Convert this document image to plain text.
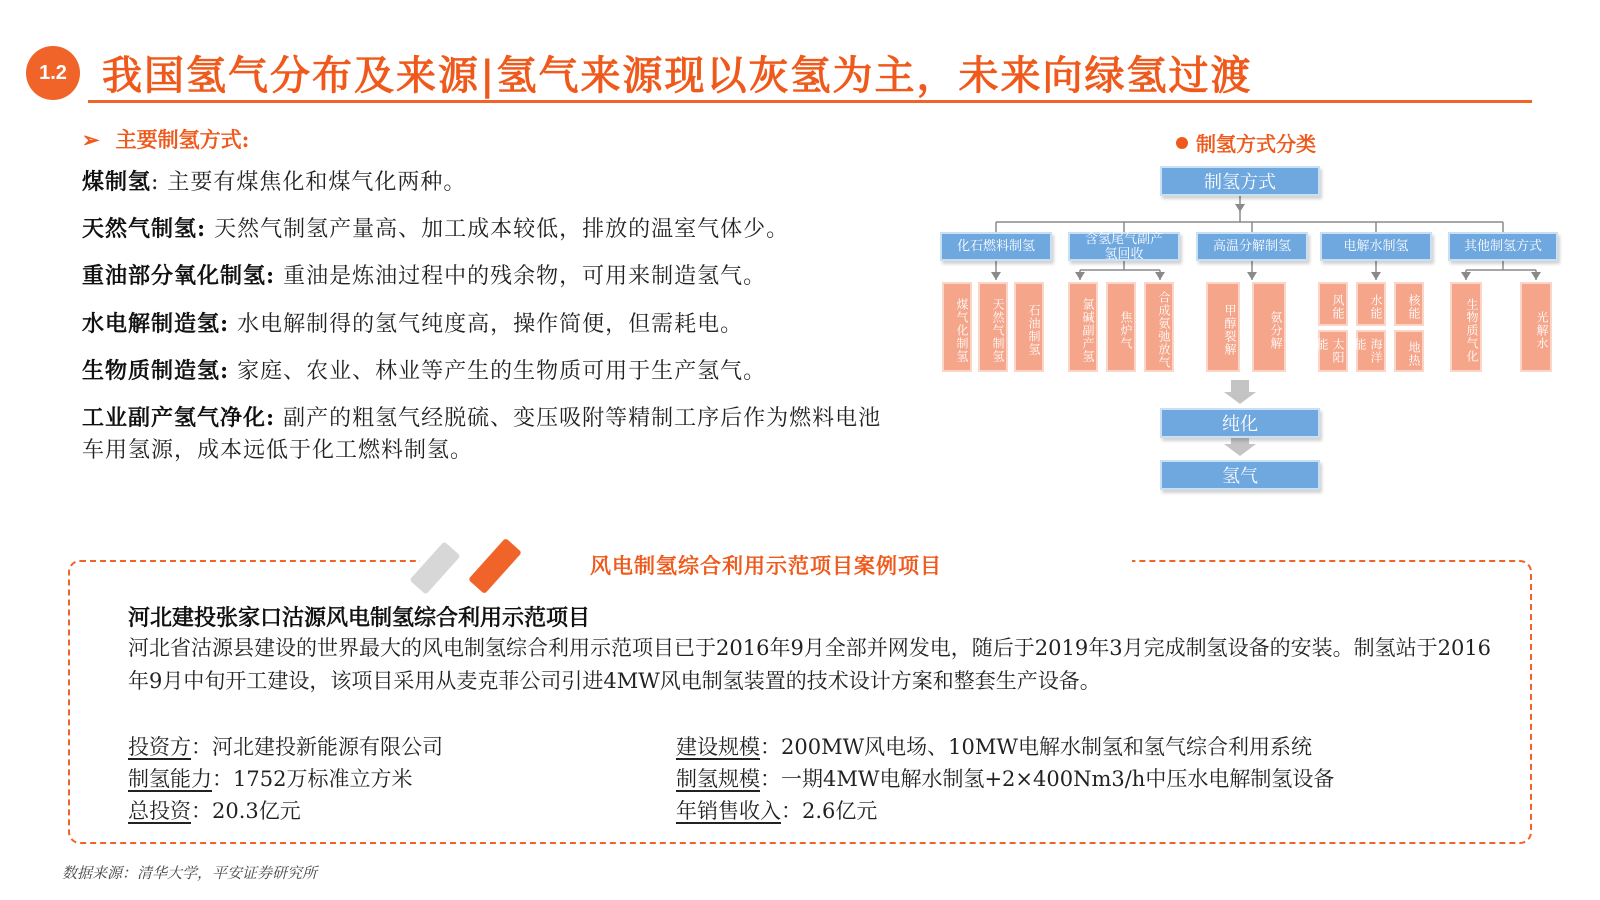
1.2 我国氢气分布及来源|氢气来源现以灰氢为主，未来向绿氢过渡
➢ 主要制氢方式:
煤制氢: 主要有煤焦化和煤气化两种。
天然气制氢: 天然气制氢产量高、加工成本较低，排放的温室气体少。
重油部分氧化制氢: 重油是炼油过程中的残余物，可用来制造氢气。
水电解制造氢: 水电解制得的氢气纯度高，操作简便，但需耗电。
生物质制造氢: 家庭、农业、林业等产生的生物质可用于生产氢气。
工业副产氢气净化: 副产的粗氢气经脱硫、变压吸附等精制工序后作为燃料电池车用氢源，成本远低于化工燃料制氢。
制氢方式分类
制氢方式
化石燃料制氢	含氢尾气副产氢回收	高温分解制氢	电解水制氢	其他制氢方式
煤气化制氢	天然气制氢	石油制氢	氯碱副产氢	焦炉气	合成氨弛放气	甲醇裂解	氨分解
风能	水能	核能
太阳能	海洋能	地热	生物质气化	光解水
纯化
氢气
风电制氢综合利用示范项目案例项目
河北建投张家口沽源风电制氢综合利用示范项目
河北省沽源县建设的世界最大的风电制氢综合利用示范项目已于2016年9月全部并网发电，随后于2019年3月完成制氢设备的安装。制氢站于2016年9月中旬开工建设，该项目采用从麦克菲公司引进4MW风电制氢装置的技术设计方案和整套生产设备。
投资方：河北建投新能源有限公司	建设规模：200MW风电场、10MW电解水制氢和氢气综合利用系统
制氢能力：1752万标准立方米	制氢规模：一期4MW电解水制氢+2×400Nm3/h中压水电解制氢设备
总投资：20.3亿元	年销售收入：2.6亿元
数据来源：清华大学，平安证券研究所
